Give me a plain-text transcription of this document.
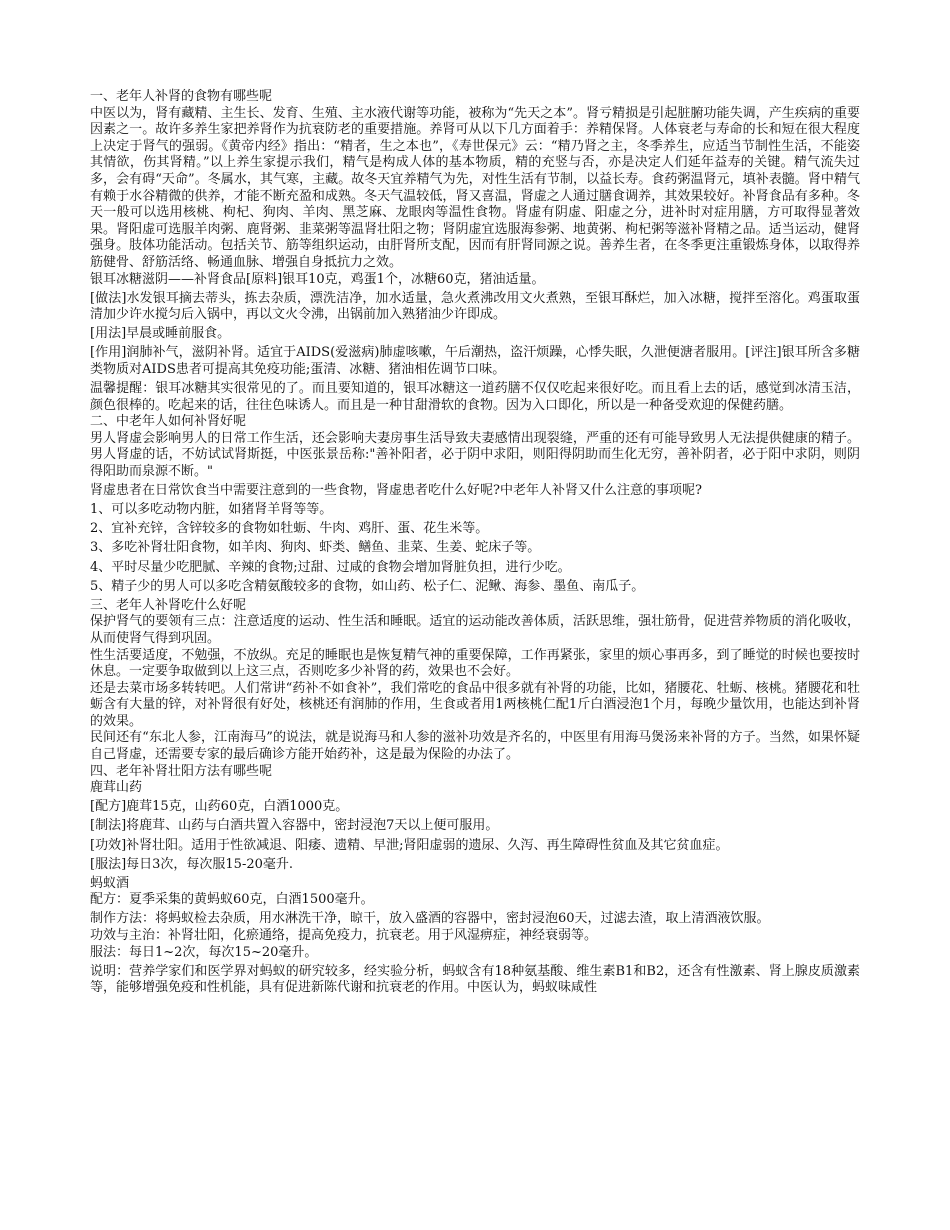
一、老年人补肾的食物有哪些呢

中医以为，肾有藏精、主生长、发育、生殖、主水液代谢等功能，被称为“先天之本”。肾亏精损是引起脏腑功能失调，产生疾病的重要因素之一。故许多养生家把养肾作为抗衰防老的重要措施。养肾可从以下几方面着手：养精保肾。人体衰老与寿命的长和短在很大程度上决定于肾气的强弱。《黄帝内经》指出：“精者，生之本也”，《寿世保元》云：“精乃肾之主，冬季养生，应适当节制性生活，不能姿其情欲，伤其肾精。”以上养生家提示我们，精气是构成人体的基本物质，精的充竖与否，亦是决定人们延年益寿的关键。精气流失过多，会有碍“天命”。冬属水，其气寒，主藏。故冬天宜养精气为先，对性生活有节制，以益长寿。食药粥温肾元，填补表髓。肾中精气有赖于水谷精微的供养，才能不断充盈和成熟。冬天气温较低，肾又喜温，肾虚之人通过膳食调养，其效果较好。补肾食品有多种。冬天一般可以选用核桃、枸杞、狗肉、羊肉、黑芝麻、龙眼肉等温性食物。肾虚有阴虚、阳虚之分，进补时对症用膳，方可取得显著效果。肾阳虚可选服羊肉粥、鹿肾粥、韭菜粥等温肾壮阳之物；肾阴虚宜选服海参粥、地黄粥、枸杞粥等滋补肾精之品。适当运动，健肾强身。肢体功能活动。包括关节、筋等组织运动，由肝肾所支配，因而有肝肾同源之说。善养生者，在冬季更注重锻炼身体，以取得养筋健骨、舒筋活络、畅通血脉、增强自身抵抗力之效。

银耳冰糖滋阴——补肾食品[原料]银耳10克，鸡蛋1个，冰糖60克，猪油适量。

[做法]水发银耳摘去蒂头，拣去杂质，漂洗洁净，加水适量，急火煮沸改用文火煮熟，至银耳酥烂，加入冰糖，搅拌至溶化。鸡蛋取蛋清加少许水搅匀后入锅中，再以文火令沸，出锅前加入熟猪油少许即成。

[用法]早晨或睡前服食。

[作用]润肺补气，滋阴补肾。适宜于AIDS(爱滋病)肺虚咳嗽，午后潮热，盗汗烦躁，心悸失眠，久泄便溏者服用。[评注]银耳所含多糖类物质对AIDS患者可提高其免疫功能;蛋清、冰糖、猪油相佐调节口味。

温馨提醒：银耳冰糖其实很常见的了。而且要知道的，银耳冰糖这一道药膳不仅仅吃起来很好吃。而且看上去的话，感觉到冰清玉洁，颜色很棒的。吃起来的话，往往色味诱人。而且是一种甘甜滑软的食物。因为入口即化，所以是一种备受欢迎的保健药膳。

二、中老年人如何补肾好呢

男人肾虚会影响男人的日常工作生活，还会影响夫妻房事生活导致夫妻感情出现裂缝，严重的还有可能导致男人无法提供健康的精子。男人肾虚的话，不妨试试肾斯挺，中医张景岳称:"善补阳者，必于阴中求阳，则阳得阴助而生化无穷，善补阴者，必于阳中求阴，则阴得阳助而泉源不断。"

肾虚患者在日常饮食当中需要注意到的一些食物，肾虚患者吃什么好呢?中老年人补肾又什么注意的事项呢?

1、可以多吃动物内脏，如猪肾羊肾等等。

2、宜补充锌，含锌较多的食物如牡蛎、牛肉、鸡肝、蛋、花生米等。

3、多吃补肾壮阳食物，如羊肉、狗肉、虾类、鳝鱼、韭菜、生姜、蛇床子等。

4、平时尽量少吃肥腻、辛辣的食物;过甜、过咸的食物会增加肾脏负担，进行少吃。

5、精子少的男人可以多吃含精氨酸较多的食物，如山药、松子仁、泥鳅、海参、墨鱼、南瓜子。

三、老年人补肾吃什么好呢

保护肾气的要领有三点：注意适度的运动、性生活和睡眠。适宜的运动能改善体质，活跃思维，强壮筋骨，促进营养物质的消化吸收，从而使肾气得到巩固。

性生活要适度，不勉强，不放纵。充足的睡眠也是恢复精气神的重要保障，工作再紧张，家里的烦心事再多，到了睡觉的时候也要按时休息。一定要争取做到以上这三点，否则吃多少补肾的药，效果也不会好。

还是去菜市场多转转吧。人们常讲“药补不如食补”，我们常吃的食品中很多就有补肾的功能，比如，猪腰花、牡蛎、核桃。猪腰花和牡蛎含有大量的锌，对补肾很有好处，核桃还有润肺的作用，生食或者用1两核桃仁配1斤白酒浸泡1个月，每晚少量饮用，也能达到补肾的效果。

民间还有“东北人参，江南海马”的说法，就是说海马和人参的滋补功效是齐名的，中医里有用海马煲汤来补肾的方子。当然，如果怀疑自己肾虚，还需要专家的最后确诊方能开始药补，这是最为保险的办法了。

四、老年补肾壮阳方法有哪些呢

鹿茸山药

[配方]鹿茸15克，山药60克，白酒1000克。

[制法]将鹿茸、山药与白酒共置入容器中，密封浸泡7天以上便可服用。

[功效]补肾壮阳。适用于性欲减退、阳痿、遗精、早泄;肾阳虚弱的遗尿、久泻、再生障碍性贫血及其它贫血症。

[服法]每日3次，每次服15-20毫升.

蚂蚁酒

配方：夏季采集的黄蚂蚁60克，白酒1500毫升。

制作方法：将蚂蚁检去杂质，用水淋洗干净，晾干，放入盛酒的容器中，密封浸泡60天，过滤去渣，取上清酒液饮服。

功效与主治：补肾壮阳，化瘀通络，提高免疫力，抗衰老。用于风湿痹症，神经衰弱等。

服法：每日1~2次，每次15~20毫升。

说明：营养学家们和医学界对蚂蚁的研究较多，经实验分析，蚂蚁含有18种氨基酸、维生素B1和B2，还含有性激素、肾上腺皮质激素等，能够增强免疫和性机能，具有促进新陈代谢和抗衰老的作用。中医认为，蚂蚁味咸性
